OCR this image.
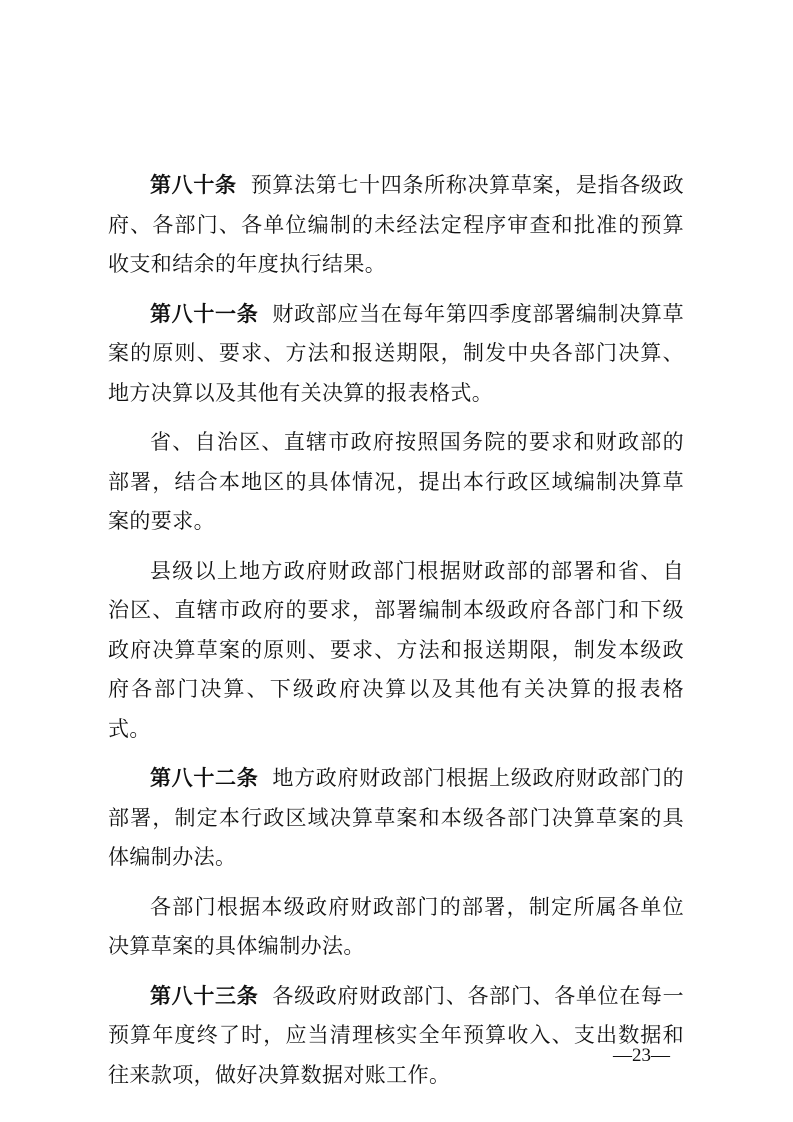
第八十条 预算法第七十四条所称决算草案，是指各级政府、各部门、各单位编制的未经法定程序审查和批准的预算收支和结余的年度执行结果。

第八十一条 财政部应当在每年第四季度部署编制决算草案的原则、要求、方法和报送期限，制发中央各部门决算、地方决算以及其他有关决算的报表格式。

省、自治区、直辖市政府按照国务院的要求和财政部的部署，结合本地区的具体情况，提出本行政区域编制决算草案的要求。

县级以上地方政府财政部门根据财政部的部署和省、自治区、直辖市政府的要求，部署编制本级政府各部门和下级政府决算草案的原则、要求、方法和报送期限，制发本级政府各部门决算、下级政府决算以及其他有关决算的报表格式。

第八十二条 地方政府财政部门根据上级政府财政部门的部署，制定本行政区域决算草案和本级各部门决算草案的具体编制办法。

各部门根据本级政府财政部门的部署，制定所属各单位决算草案的具体编制办法。

第八十三条 各级政府财政部门、各部门、各单位在每一预算年度终了时，应当清理核实全年预算收入、支出数据和往来款项，做好决算数据对账工作。

—23—
